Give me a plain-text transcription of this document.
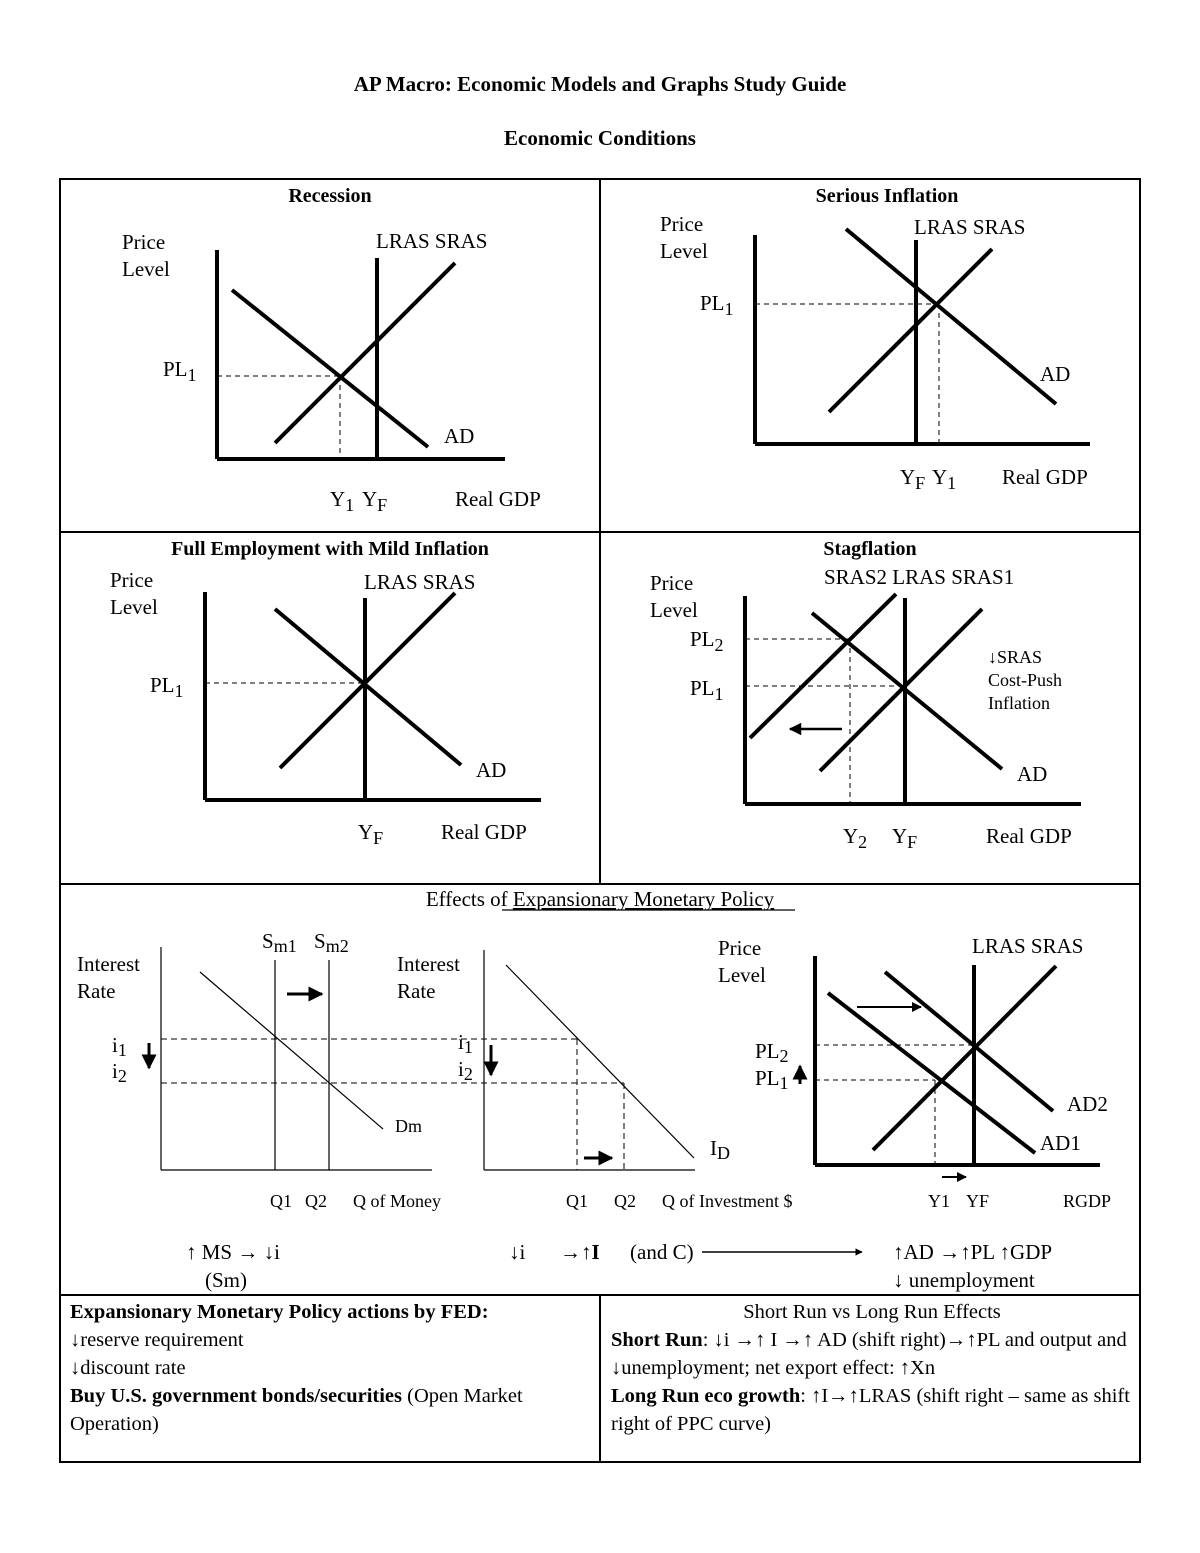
AP Macro: Economic Models and Graphs Study Guide
Economic Conditions
Recession
Price
Level
LRAS SRAS
PL1
AD
Y1 YF	Real GDP
Serious Inflation
Price
Level
LRAS SRAS
PL1
AD
YF Y1 Real GDP
Full Employment with Mild Inflation
Price
Level
LRAS SRAS
PL1
AD
YF	Real GDP
Stagflation
Price
Level
SRAS2 LRAS SRAS1
PL2
PL1
↓SRAS
Cost-Push
Inflation
AD
Y2 YF	Real GDP
Effects of Expansionary Monetary Policy
Interest
Rate
Sm1 Sm2
i1
i2
Dm
Q1 Q2 Q of Money
Interest
Rate
i1
i2
ID
Q1 Q2 Q of Investment $
Price
Level
LRAS SRAS
PL2
PL1
AD2
AD1
Y1 YF	RGDP
↑ MS → ↓i
(Sm)
↓i →↑I (and C)	↑AD →↑PL ↑GDP
↓ unemployment
Expansionary Monetary Policy actions by FED:
↓reserve requirement
↓discount rate
Buy U.S. government bonds/securities (Open Market Operation)
Short Run vs Long Run Effects
Short Run: ↓i →↑ I →↑ AD (shift right)→↑PL and output and ↓unemployment; net export effect: ↑Xn
Long Run eco growth: ↑I→↑LRAS (shift right – same as shift right of PPC curve)
